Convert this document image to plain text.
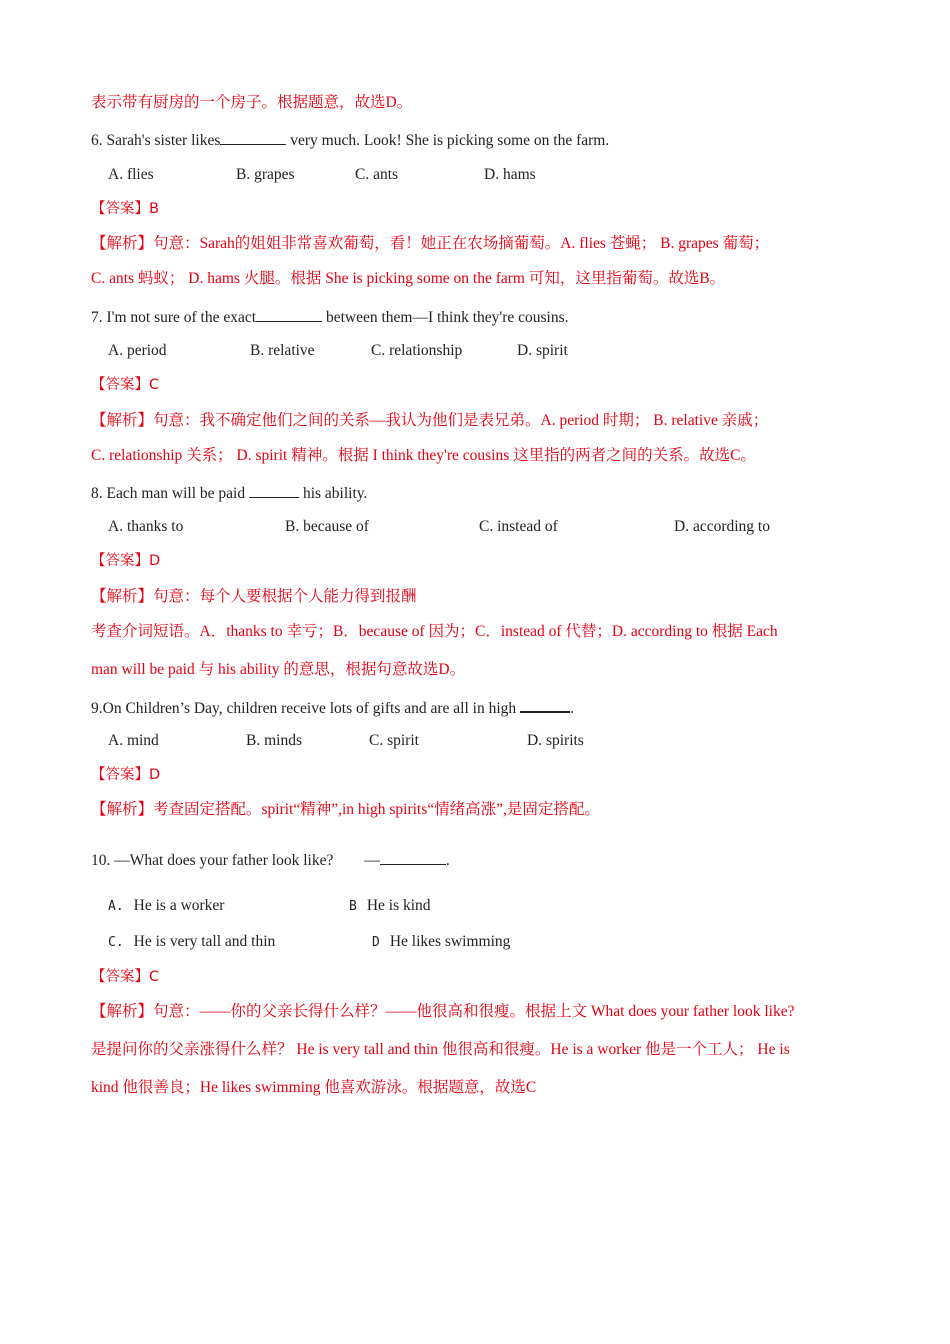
表示带有厨房的一个房子。根据题意，故选D。
6. Sarah's sister likes	very much. Look! She is picking some on the farm.
A. flies	B. grapes	C. ants	D. hams
【答案】B
【解析】句意：Sarah的姐姐非常喜欢葡萄，看！她正在农场摘葡萄。A. flies 苍蝇； B. grapes 葡萄；
C. ants 蚂蚁； D. hams 火腿。根据 She is picking some on the farm 可知，这里指葡萄。故选B。
7. I'm not sure of the exact	between them—I think they're cousins.
A. period	B. relative	C. relationship	D. spirit
【答案】C
【解析】句意：我不确定他们之间的关系—我认为他们是表兄弟。A. period 时期； B. relative 亲戚；
C. relationship 关系； D. spirit 精神。根据 I think they're cousins 这里指的两者之间的关系。故选C。
8. Each man will be paid	his ability.
A. thanks to	B. because of	C. instead of	D. according to
【答案】D
【解析】句意：每个人要根据个人能力得到报酬
考查介词短语。A．thanks to 幸亏；B．because of 因为；C．instead of 代替；D. according to 根据 Each
man will be paid 与 his ability 的意思，根据句意故选D。
9.On Children’s Day, children receive lots of gifts and are all in high	.
A. mind	B. minds	C. spirit	D. spirits
【答案】D
【解析】考查固定搭配。spirit“精神”,in high spirits“情绪高涨”,是固定搭配。
10. —What does your father look like?        —	.
A. He is a worker	B He is kind
C. He is very tall and thin	D He likes swimming
【答案】C
【解析】句意：——你的父亲长得什么样？——他很高和很瘦。根据上文 What does your father look like?
是提问你的父亲涨得什么样？ He is very tall and thin 他很高和很瘦。He is a worker 他是一个工人； He is
kind 他很善良；He likes swimming 他喜欢游泳。根据题意，故选C
